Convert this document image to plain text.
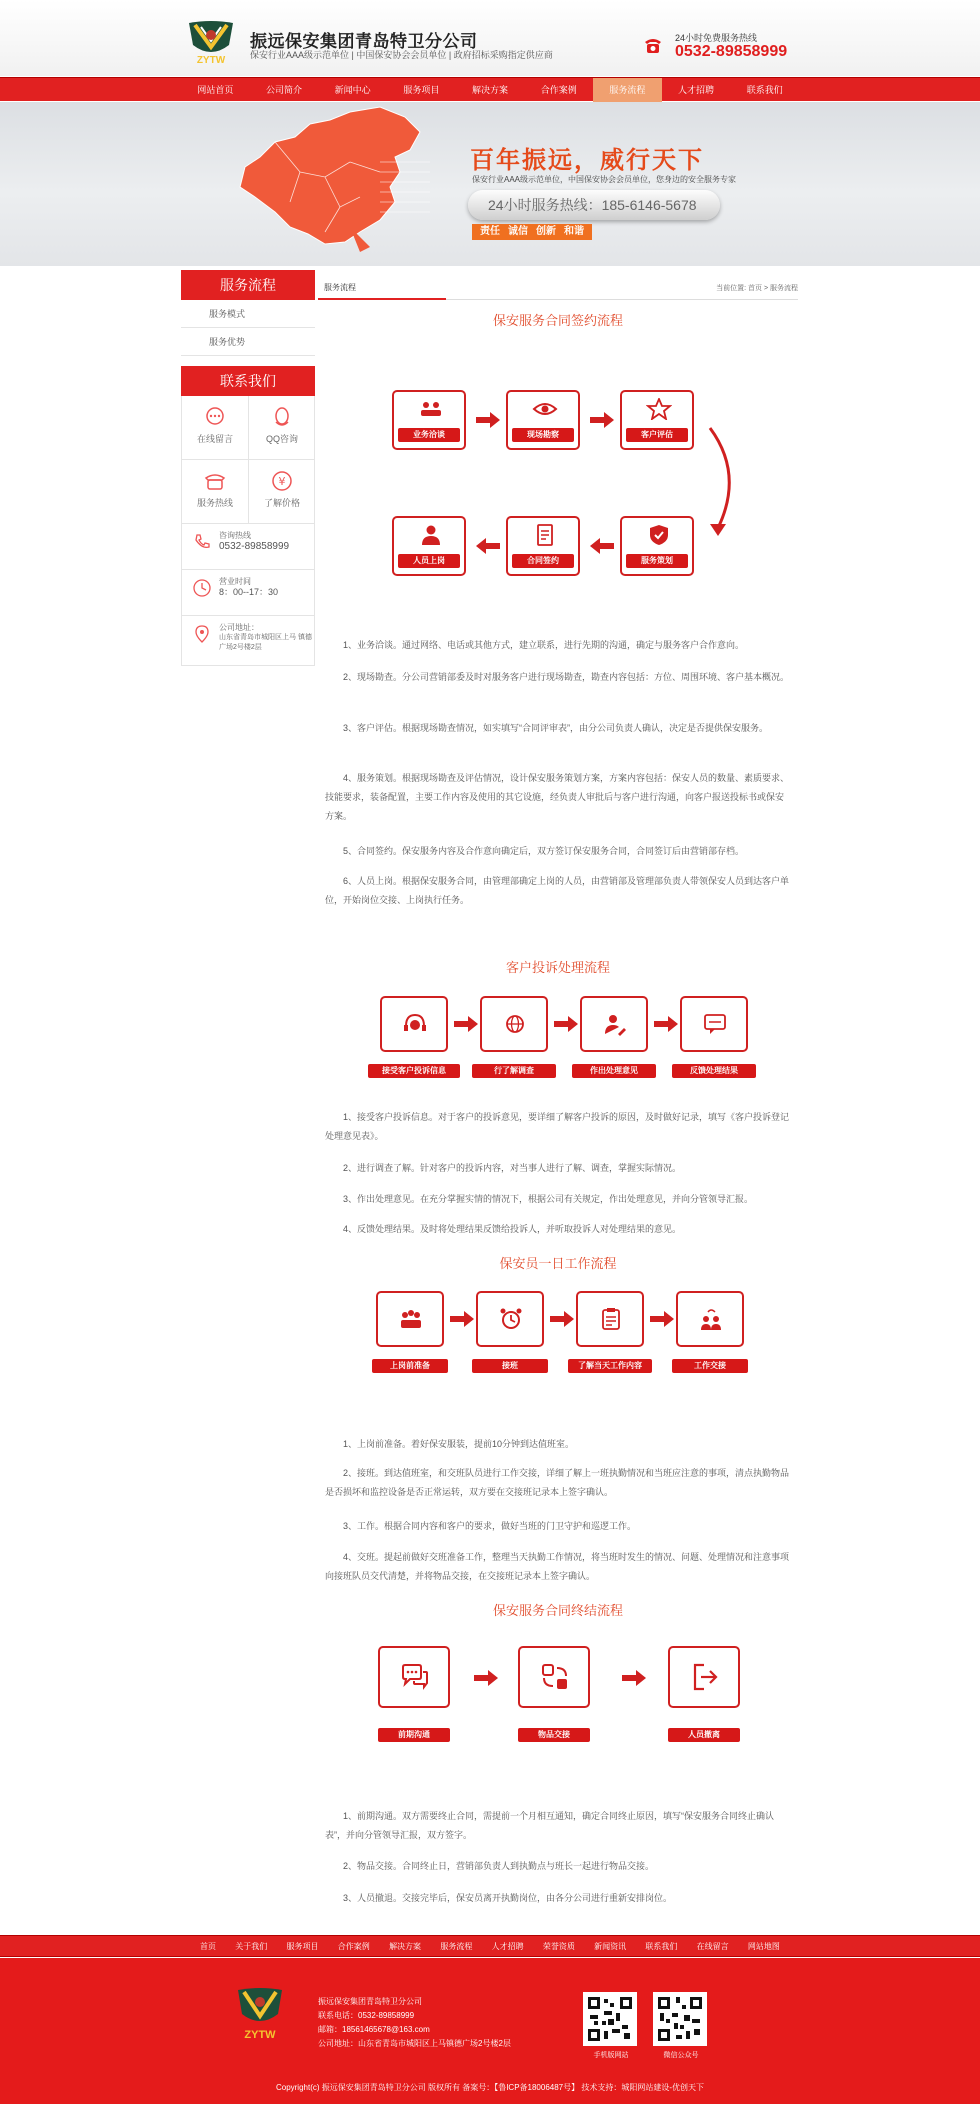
ZYTW
振远保安集团青岛特卫分公司
保安行业AAA级示范单位 | 中国保安协会会员单位 | 政府招标采购指定供应商
24小时免费服务热线
0532-89858999
网站首页	公司简介	新闻中心	服务项目	解决方案	合作案例	服务流程	人才招聘	联系我们
百年振远，威行天下
保安行业AAA级示范单位，中国保安协会会员单位，您身边的安全服务专家
24小时服务热线：185-6146-5678
责任 诚信 创新 和谐
服务流程
服务模式
服务优势
联系我们
在线留言	QQ咨询
服务热线
¥
了解价格
咨询热线
0532-89858999
营业时间
8：00--17：30
公司地址：
山东省青岛市城阳区上马 镇德广场2号楼2层
服务流程	当前位置: 首页 > 服务流程
保安服务合同签约流程
业务洽谈	现场勘察	客户评估
服务策划
合同签约
人员上岗
1、业务洽谈。通过网络、电话或其他方式，建立联系，进行先期的沟通，确定与服务客户合作意向。
2、现场勘查。分公司营销部委及时对服务客户进行现场勘查，勘查内容包括：方位、周围环境、客户基本概况。
3、客户评估。根据现场勘查情况，如实填写“合同评审表”，由分公司负责人确认，决定是否提供保安服务。
4、服务策划。根据现场勘查及评估情况，设计保安服务策划方案，方案内容包括：保安人员的数量、素质要求、技能要求，装备配置，主要工作内容及使用的其它设施，经负责人审批后与客户进行沟通，向客户报送投标书或保安方案。
5、合同签约。保安服务内容及合作意向确定后，双方签订保安服务合同，合同签订后由营销部存档。
6、人员上岗。根据保安服务合同，由管理部确定上岗的人员，由营销部及管理部负责人带领保安人员到达客户单位，开始岗位交接、上岗执行任务。
客户投诉处理流程
接受客户投诉信息	行了解调查	作出处理意见	反馈处理结果
1、接受客户投诉信息。对于客户的投诉意见，要详细了解客户投诉的原因，及时做好记录，填写《客户投诉登记处理意见表》。
2、进行调查了解。针对客户的投诉内容，对当事人进行了解、调查，掌握实际情况。
3、作出处理意见。在充分掌握实情的情况下，根据公司有关规定，作出处理意见，并向分管领导汇报。
4、反馈处理结果。及时将处理结果反馈给投诉人，并听取投诉人对处理结果的意见。
保安员一日工作流程
上岗前准备	接班	了解当天工作内容	工作交接
1、上岗前准备。着好保安服装，提前10分钟到达值班室。
2、接班。到达值班室，和交班队员进行工作交接，详细了解上一班执勤情况和当班应注意的事项，清点执勤物品是否损坏和监控设备是否正常运转，双方要在交接班记录本上签字确认。
3、工作。根据合同内容和客户的要求，做好当班的门卫守护和巡逻工作。
4、交班。提起前做好交班准备工作，整理当天执勤工作情况，将当班时发生的情况、问题、处理情况和注意事项向接班队员交代清楚，并将物品交接，在交接班记录本上签字确认。
保安服务合同终结流程
前期沟通	物品交接	人员撤离
1、前期沟通。双方需要终止合同，需提前一个月相互通知，确定合同终止原因，填写“保安服务合同终止确认表”，并向分管领导汇报，双方签字。
2、物品交接。合同终止日，营销部负责人到执勤点与班长一起进行物品交接。
3、人员撤退。交接完毕后，保安员离开执勤岗位，由各分公司进行重新安排岗位。
首页 关于我们 服务项目 合作案例 解决方案 服务流程 人才招聘 荣誉资质 新闻资讯 联系我们 在线留言 网站地图
ZYTW
振远保安集团青岛特卫分公司
联系电话：0532-89858999
邮箱：18561465678@163.com
公司地址：山东省青岛市城阳区上马镇德广场2号楼2层
手机版网站	微信公众号
Copyright(c) 振远保安集团青岛特卫分公司 版权所有 备案号：【鲁ICP备18006487号】 技术支持：城阳网站建设-优创天下
